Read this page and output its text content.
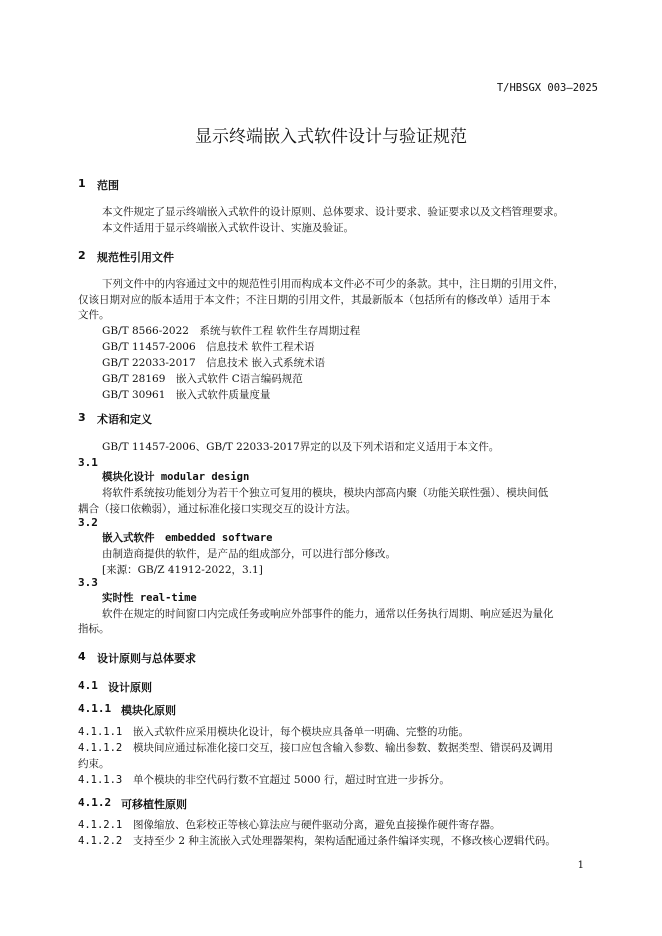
T/HBSGX 003—2025
显示终端嵌入式软件设计与验证规范
1 范围
本文件规定了显示终端嵌入式软件的设计原则、总体要求、设计要求、验证要求以及文档管理要求。
本文件适用于显示终端嵌入式软件设计、实施及验证。
2 规范性引用文件
下列文件中的内容通过文中的规范性引用而构成本文件必不可少的条款。其中，注日期的引用文件，
仅该日期对应的版本适用于本文件；不注日期的引用文件，其最新版本（包括所有的修改单）适用于本
文件。
GB/T 8566-2022　系统与软件工程 软件生存周期过程
GB/T 11457-2006　信息技术 软件工程术语
GB/T 22033-2017　信息技术 嵌入式系统术语
GB/T 28169　嵌入式软件 C语言编码规范
GB/T 30961　嵌入式软件质量度量
3 术语和定义
GB/T 11457-2006、GB/T 22033-2017界定的以及下列术语和定义适用于本文件。
3.1
模块化设计 modular design
将软件系统按功能划分为若干个独立可复用的模块，模块内部高内聚（功能关联性强）、模块间低
耦合（接口依赖弱），通过标准化接口实现交互的设计方法。
3.2
嵌入式软件　embedded software
由制造商提供的软件，是产品的组成部分，可以进行部分修改。
[来源：GB/Z 41912-2022，3.1]
3.3
实时性 real-time
软件在规定的时间窗口内完成任务或响应外部事件的能力，通常以任务执行周期、响应延迟为量化
指标。
4 设计原则与总体要求
4.1 设计原则
4.1.1 模块化原则
4.1.1.1 嵌入式软件应采用模块化设计，每个模块应具备单一明确、完整的功能。
4.1.1.2 模块间应通过标准化接口交互，接口应包含输入参数、输出参数、数据类型、错误码及调用
约束。
4.1.1.3 单个模块的非空代码行数不宜超过 5000 行，超过时宜进一步拆分。
4.1.2 可移植性原则
4.1.2.1 图像缩放、色彩校正等核心算法应与硬件驱动分离，避免直接操作硬件寄存器。
4.1.2.2 支持至少 2 种主流嵌入式处理器架构，架构适配通过条件编译实现，不修改核心逻辑代码。
1
